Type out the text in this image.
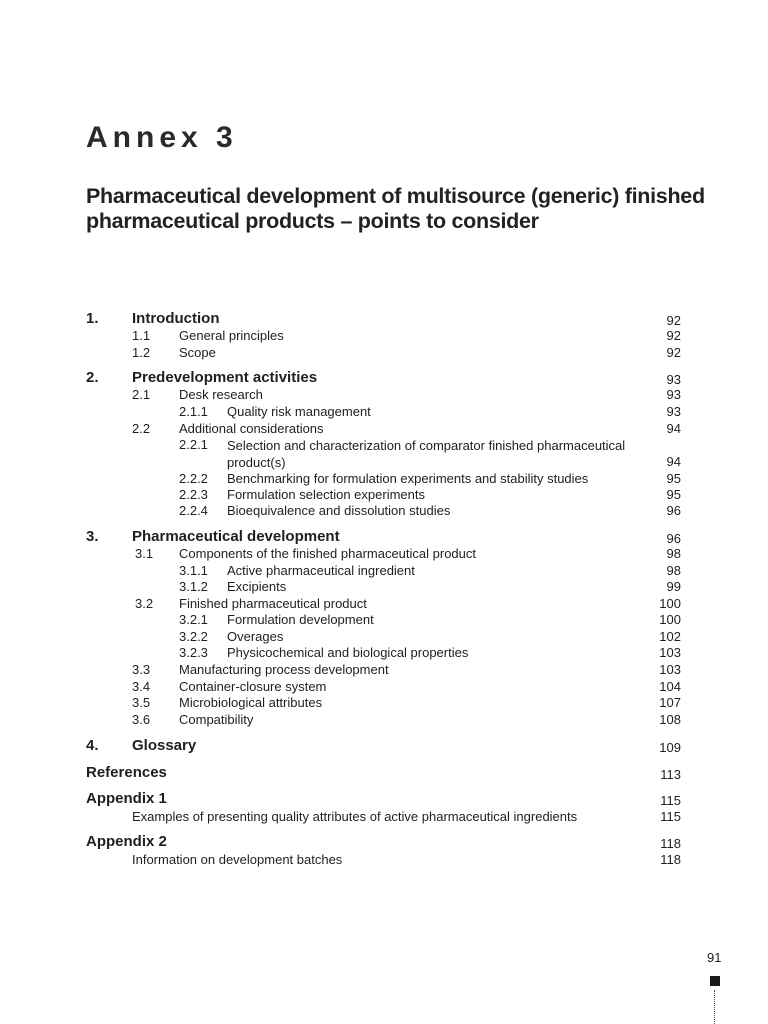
Annex 3
Pharmaceutical development of multisource (generic) finished pharmaceutical products – points to consider
1. Introduction	92
1.1 General principles	92
1.2 Scope	92
2. Predevelopment activities	93
2.1 Desk research	93
2.1.1 Quality risk management	93
2.2 Additional considerations	94
2.2.1 Selection and characterization of comparator finished pharmaceutical product(s)	94
2.2.2 Benchmarking for formulation experiments and stability studies	95
2.2.3 Formulation selection experiments	95
2.2.4 Bioequivalence and dissolution studies	96
3. Pharmaceutical development	96
3.1 Components of the finished pharmaceutical product	98
3.1.1 Active pharmaceutical ingredient	98
3.1.2 Excipients	99
3.2 Finished pharmaceutical product	100
3.2.1 Formulation development	100
3.2.2 Overages	102
3.2.3 Physicochemical and biological properties	103
3.3 Manufacturing process development	103
3.4 Container-closure system	104
3.5 Microbiological attributes	107
3.6 Compatibility	108
4. Glossary	109
References	113
Appendix 1	115
Examples of presenting quality attributes of active pharmaceutical ingredients	115
Appendix 2	118
Information on development batches	118
91
